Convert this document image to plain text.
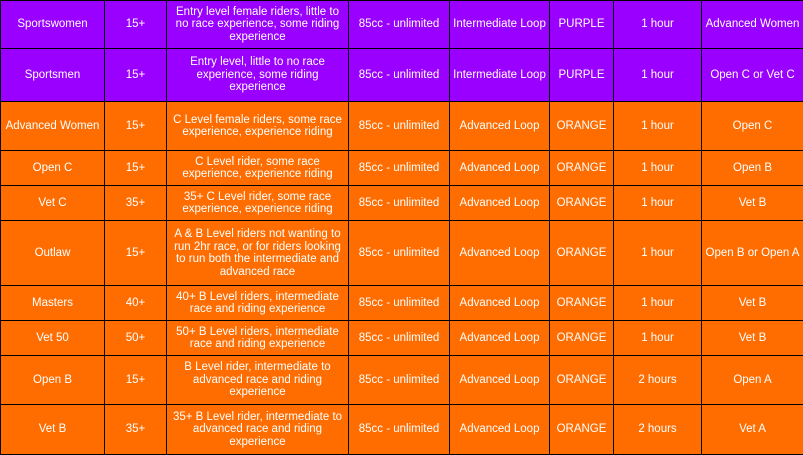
Sportswomen	15+	Entry level female riders, little to no race experience, some riding experience	85cc - unlimited	Intermediate Loop	PURPLE	1 hour	Advanced Women
Sportsmen	15+	Entry level, little to no race experience, some riding experience	85cc - unlimited	Intermediate Loop	PURPLE	1 hour	Open C or Vet C
Advanced Women	15+	C Level female riders, some race experience, experience riding	85cc - unlimited	Advanced Loop	ORANGE	1 hour	Open C
Open C	15+	C Level rider, some race experience, experience riding	85cc - unlimited	Advanced Loop	ORANGE	1 hour	Open B
Vet C	35+	35+ C Level rider, some race experience, experience riding	85cc - unlimited	Advanced Loop	ORANGE	1 hour	Vet B
Outlaw	15+	A & B Level riders not wanting to run 2hr race, or for riders looking to run both the intermediate and advanced race	85cc - unlimited	Advanced Loop	ORANGE	1 hour	Open B or Open A
Masters	40+	40+ B Level riders, intermediate race and riding experience	85cc - unlimited	Advanced Loop	ORANGE	1 hour	Vet B
Vet 50	50+	50+ B Level riders, intermediate race and riding experience	85cc - unlimited	Advanced Loop	ORANGE	1 hour	Vet B
Open B	15+	B Level rider, intermediate to advanced race and riding experience	85cc - unlimited	Advanced Loop	ORANGE	2 hours	Open A
Vet B	35+	35+ B Level rider, intermediate to advanced race and riding experience	85cc - unlimited	Advanced Loop	ORANGE	2 hours	Vet A
